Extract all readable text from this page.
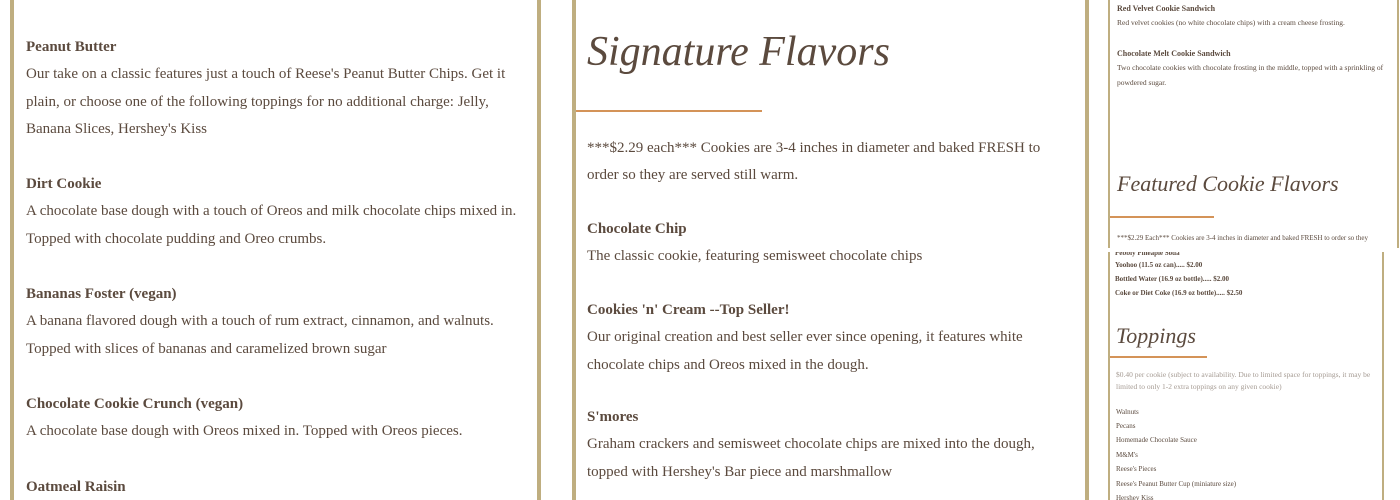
Peanut Butter
Our take on a classic features just a touch of Reese's Peanut Butter Chips. Get it plain, or choose one of the following toppings for no additional charge: Jelly, Banana Slices, Hershey's Kiss
Dirt Cookie
A chocolate base dough with a touch of Oreos and milk chocolate chips mixed in. Topped with chocolate pudding and Oreo crumbs.
Bananas Foster (vegan)
A banana flavored dough with a touch of rum extract, cinnamon, and walnuts. Topped with slices of bananas and caramelized brown sugar
Chocolate Cookie Crunch (vegan)
A chocolate base dough with Oreos mixed in. Topped with Oreos pieces.
Oatmeal Raisin
Signature Flavors
***$2.29 each*** Cookies are 3-4 inches in diameter and baked FRESH to order so they are served still warm.
Chocolate Chip
The classic cookie, featuring semisweet chocolate chips
Cookies 'n' Cream --Top Seller!
Our original creation and best seller ever since opening, it features white chocolate chips and Oreos mixed in the dough.
S'mores
Graham crackers and semisweet chocolate chips are mixed into the dough, topped with Hershey's Bar piece and marshmallow
Red Velvet Cookie Sandwich
Red velvet cookies (no white chocolate chips) with a cream cheese frosting.
Chocolate Melt Cookie Sandwich
Two chocolate cookies with chocolate frosting in the middle, topped with a sprinkling of powdered sugar.
Featured Cookie Flavors
***$2.29 Each*** Cookies are 3-4 inches in diameter and baked FRESH to order so they
Pebbly Pineaple Soda
Yoohoo (11.5 oz can)..... $2.00
Bottled Water (16.9 oz bottle)..... $2.00
Coke or Diet Coke (16.9 oz bottle)..... $2.50
Toppings
$0.40 per cookie (subject to availability. Due to limited space for toppings, it may be limited to only 1-2 extra toppings on any given cookie)
Walnuts
Pecans
Homemade Chocolate Sauce
M&M's
Reese's Pieces
Reese's Peanut Butter Cup (miniature size)
Hershey Kiss
